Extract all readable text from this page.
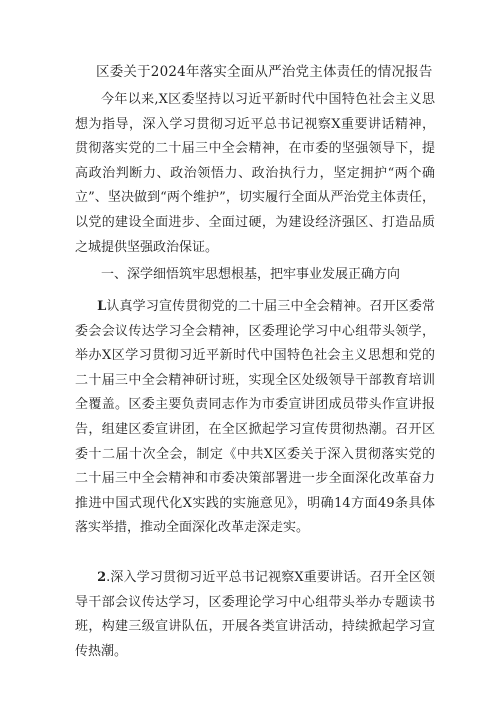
区委关于2024年落实全面从严治党主体责任的情况报告

今年以来,X区委坚持以习近平新时代中国特色社会主义思想为指导，深入学习贯彻习近平总书记视察X重要讲话精神，贯彻落实党的二十届三中全会精神，在市委的坚强领导下，提高政治判断力、政治领悟力、政治执行力，坚定拥护“两个确立”、坚决做到“两个维护”，切实履行全面从严治党主体责任，以党的建设全面进步、全面过硬，为建设经济强区、打造品质之城提供坚强政治保证。

一、深学细悟筑牢思想根基，把牢事业发展正确方向

L认真学习宣传贯彻党的二十届三中全会精神。召开区委常委会会议传达学习全会精神，区委理论学习中心组带头领学，举办X区学习贯彻习近平新时代中国特色社会主义思想和党的二十届三中全会精神研讨班，实现全区处级领导干部教育培训全覆盖。区委主要负责同志作为市委宣讲团成员带头作宣讲报告，组建区委宣讲团，在全区掀起学习宣传贯彻热潮。召开区委十二届十次全会，制定《中共X区委关于深入贯彻落实党的二十届三中全会精神和市委决策部署进一步全面深化改革奋力推进中国式现代化X实践的实施意见》，明确14方面49条具体落实举措，推动全面深化改革走深走实。

2.深入学习贯彻习近平总书记视察X重要讲话。召开全区领导干部会议传达学习，区委理论学习中心组带头举办专题读书班，构建三级宣讲队伍，开展各类宣讲活动，持续掀起学习宣传热潮。
